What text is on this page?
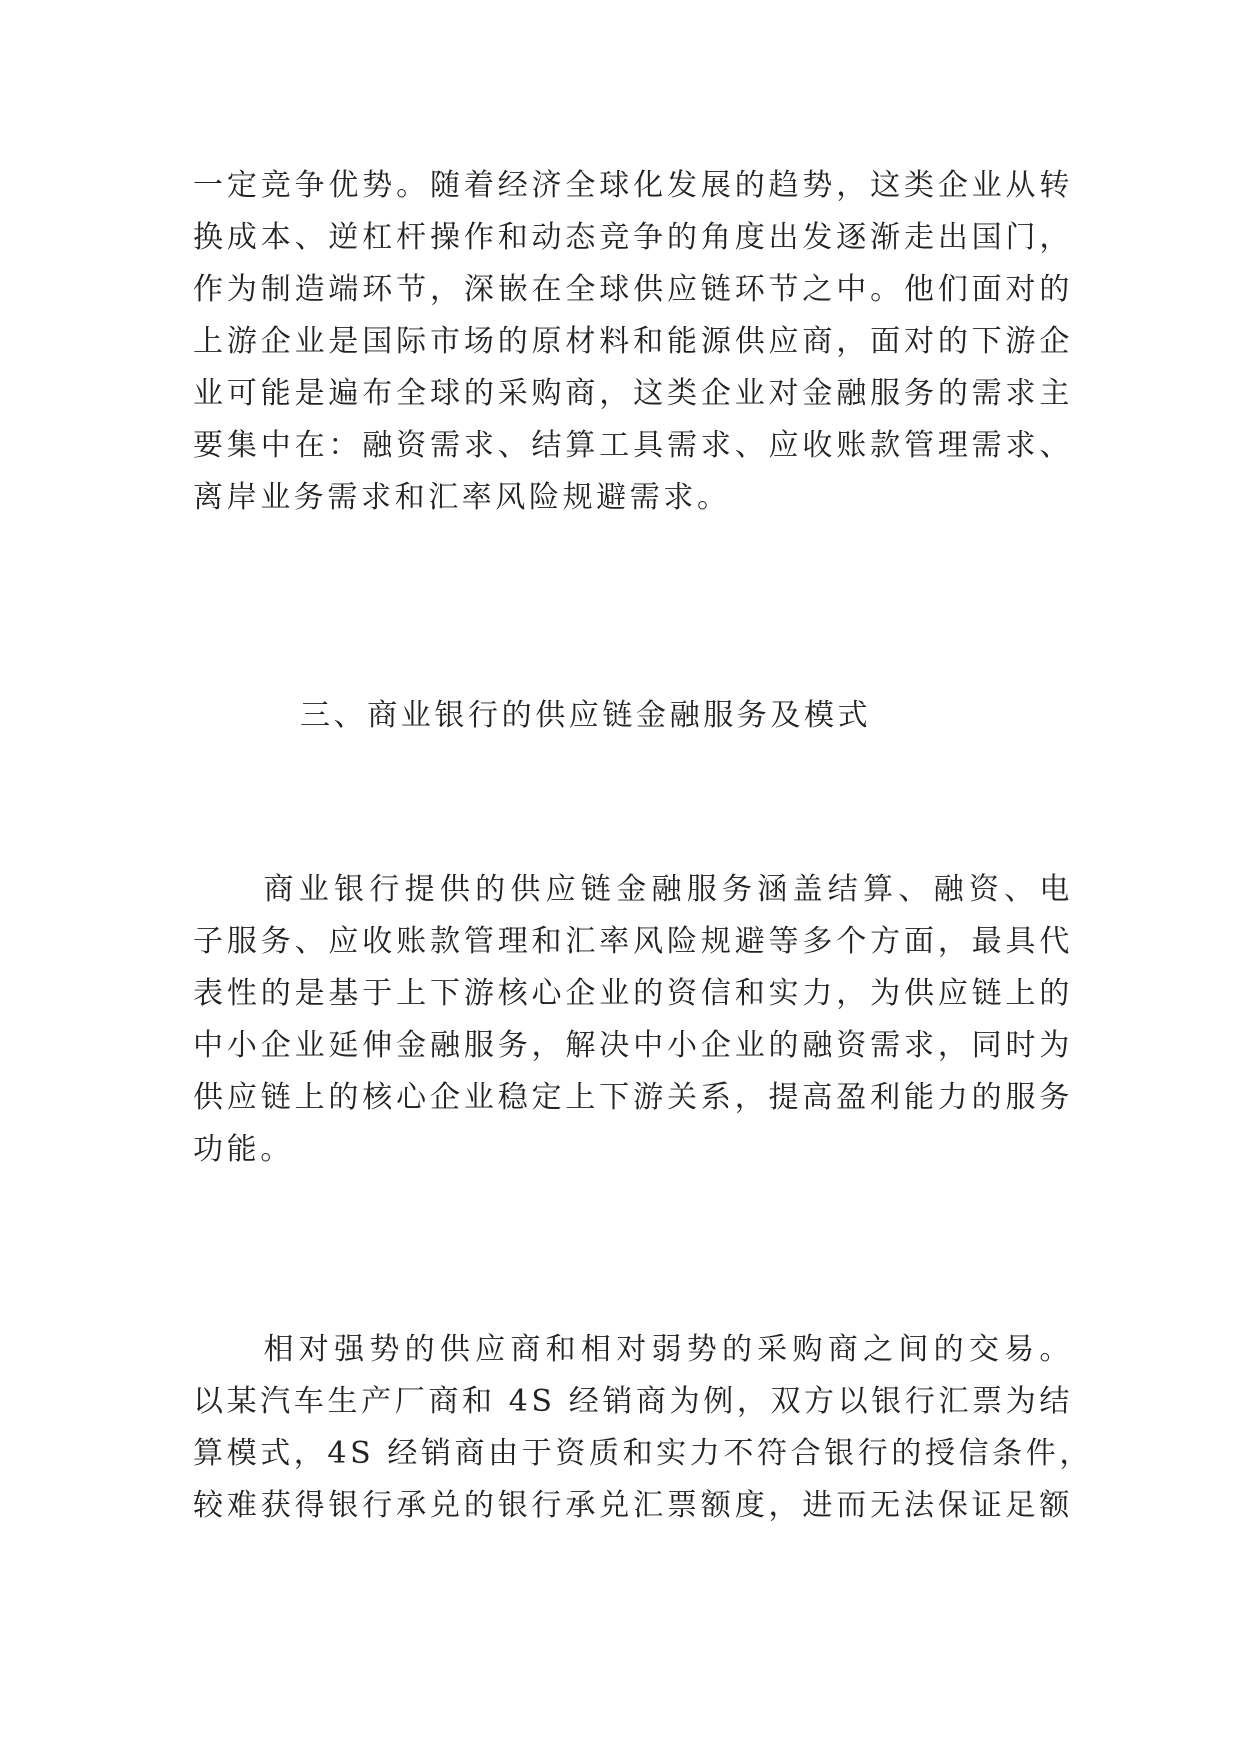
一定竞争优势。随着经济全球化发展的趋势，这类企业从转
换成本、逆杠杆操作和动态竞争的角度出发逐渐走出国门，
作为制造端环节，深嵌在全球供应链环节之中。他们面对的
上游企业是国际市场的原材料和能源供应商，面对的下游企
业可能是遍布全球的采购商，这类企业对金融服务的需求主
要集中在：融资需求、结算工具需求、应收账款管理需求、
离岸业务需求和汇率风险规避需求。
三、商业银行的供应链金融服务及模式
　　商业银行提供的供应链金融服务涵盖结算、融资、电
子服务、应收账款管理和汇率风险规避等多个方面，最具代
表性的是基于上下游核心企业的资信和实力，为供应链上的
中小企业延伸金融服务，解决中小企业的融资需求，同时为
供应链上的核心企业稳定上下游关系，提高盈利能力的服务
功能。
　　相对强势的供应商和相对弱势的采购商之间的交易。
以某汽车生产厂商和 4S 经销商为例，双方以银行汇票为结
算模式，4S 经销商由于资质和实力不符合银行的授信条件，
较难获得银行承兑的银行承兑汇票额度，进而无法保证足额
